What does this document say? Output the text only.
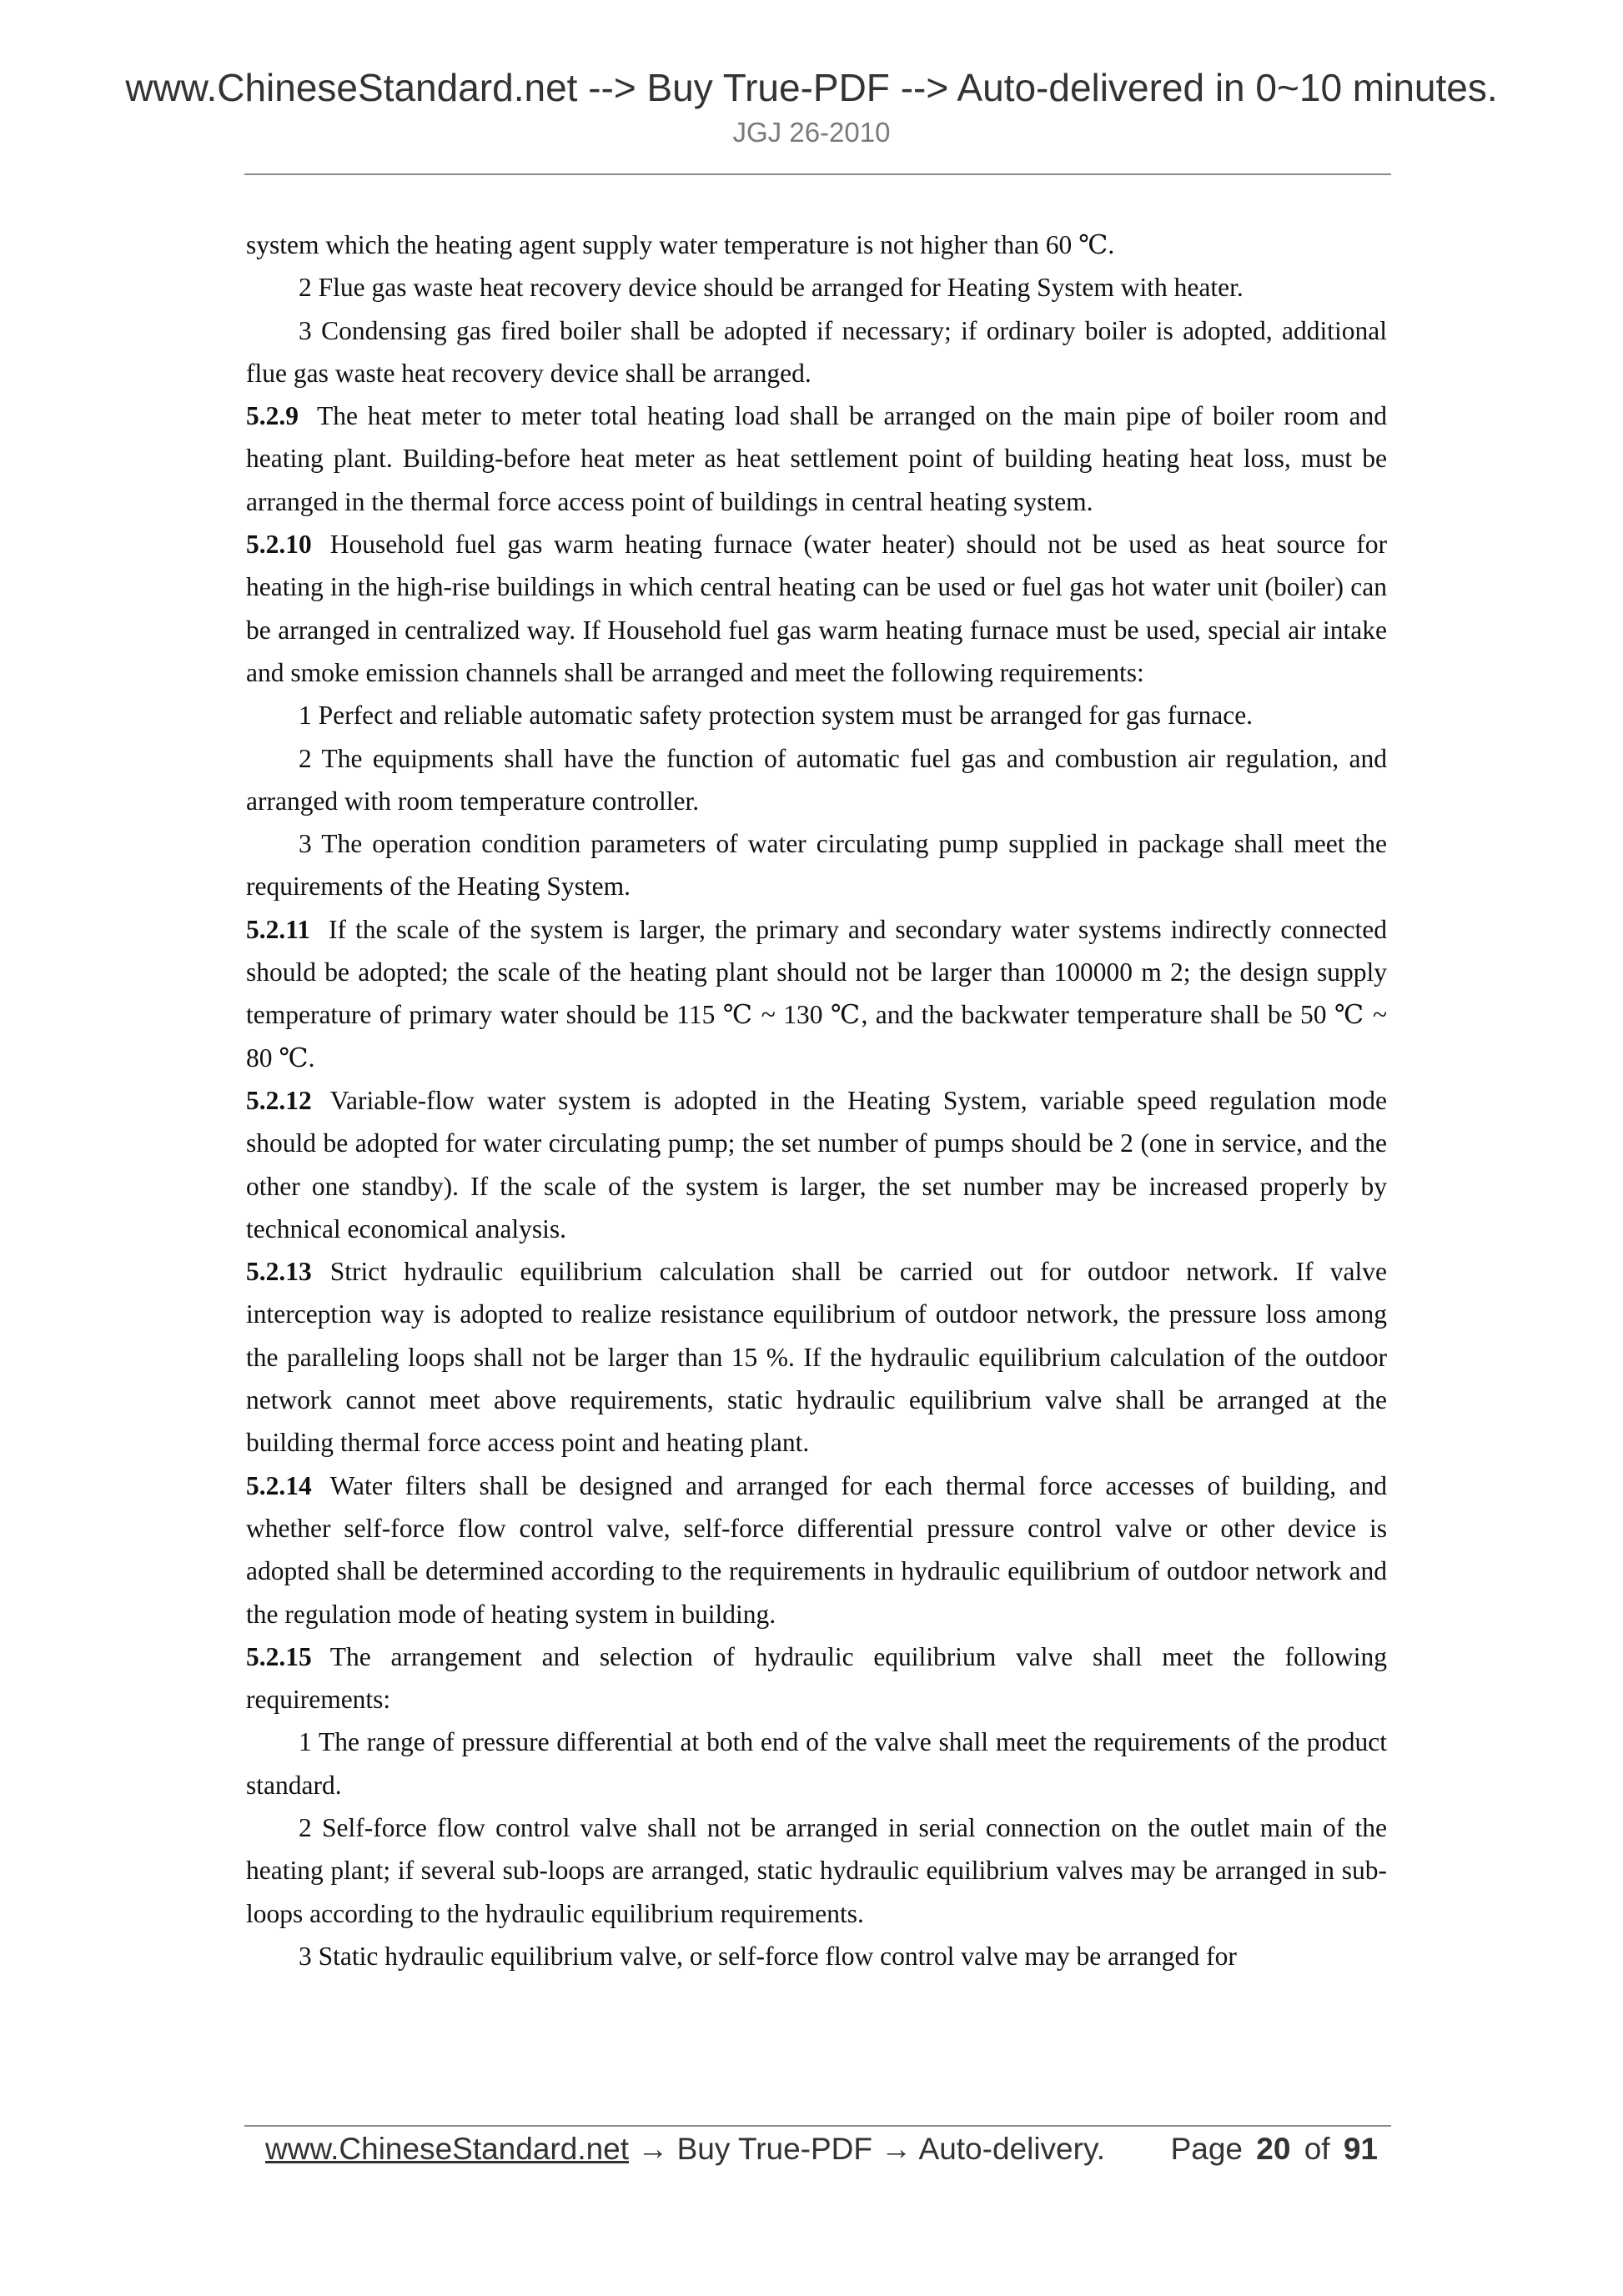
www.ChineseStandard.net --> Buy True-PDF --> Auto-delivered in 0~10 minutes.
JGJ 26-2010

system which the heating agent supply water temperature is not higher than 60 ℃.

2 Flue gas waste heat recovery device should be arranged for Heating System with heater.

3 Condensing gas fired boiler shall be adopted if necessary; if ordinary boiler is adopted, additional flue gas waste heat recovery device shall be arranged.

5.2.9 The heat meter to meter total heating load shall be arranged on the main pipe of boiler room and heating plant. Building-before heat meter as heat settlement point of building heating heat loss, must be arranged in the thermal force access point of buildings in central heating system.

5.2.10 Household fuel gas warm heating furnace (water heater) should not be used as heat source for heating in the high-rise buildings in which central heating can be used or fuel gas hot water unit (boiler) can be arranged in centralized way. If Household fuel gas warm heating furnace must be used, special air intake and smoke emission channels shall be arranged and meet the following requirements:

1 Perfect and reliable automatic safety protection system must be arranged for gas furnace.

2 The equipments shall have the function of automatic fuel gas and combustion air regulation, and arranged with room temperature controller.

3 The operation condition parameters of water circulating pump supplied in package shall meet the requirements of the Heating System.

5.2.11 If the scale of the system is larger, the primary and secondary water systems indirectly connected should be adopted; the scale of the heating plant should not be larger than 100000 m 2; the design supply temperature of primary water should be 115 ℃ ~ 130 ℃, and the backwater temperature shall be 50 ℃ ~ 80 ℃.

5.2.12 Variable-flow water system is adopted in the Heating System, variable speed regulation mode should be adopted for water circulating pump; the set number of pumps should be 2 (one in service, and the other one standby). If the scale of the system is larger, the set number may be increased properly by technical economical analysis.

5.2.13 Strict hydraulic equilibrium calculation shall be carried out for outdoor network. If valve interception way is adopted to realize resistance equilibrium of outdoor network, the pressure loss among the paralleling loops shall not be larger than 15 %. If the hydraulic equilibrium calculation of the outdoor network cannot meet above requirements, static hydraulic equilibrium valve shall be arranged at the building thermal force access point and heating plant.

5.2.14 Water filters shall be designed and arranged for each thermal force accesses of building, and whether self-force flow control valve, self-force differential pressure control valve or other device is adopted shall be determined according to the requirements in hydraulic equilibrium of outdoor network and the regulation mode of heating system in building.

5.2.15 The arrangement and selection of hydraulic equilibrium valve shall meet the following requirements:

1 The range of pressure differential at both end of the valve shall meet the requirements of the product standard.

2 Self-force flow control valve shall not be arranged in serial connection on the outlet main of the heating plant; if several sub-loops are arranged, static hydraulic equilibrium valves may be arranged in sub-loops according to the hydraulic equilibrium requirements.

3 Static hydraulic equilibrium valve, or self-force flow control valve may be arranged for

www.ChineseStandard.net → Buy True-PDF → Auto-delivery. Page 20 of 91
